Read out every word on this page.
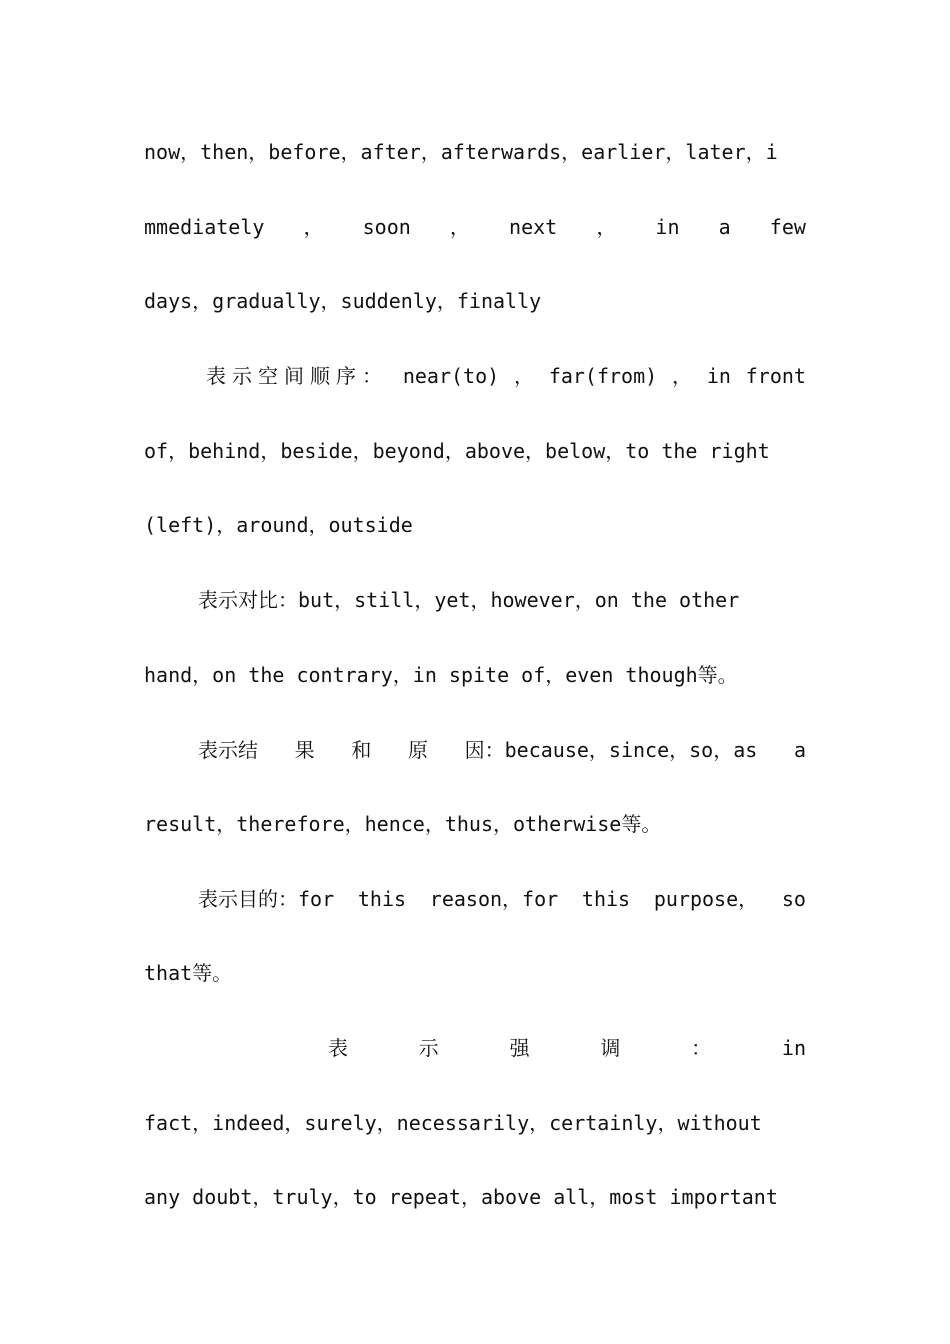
now，then，before，after，afterwards，earlier，later，i
mmediately ， soon ， next ， in a few
days，gradually，suddenly，finally
表示空间顺序： near(to) ， far(from) ， in front
of，behind，beside，beyond，above，below，to the right
(left)，around，outside
表示对比：but，still，yet，however，on the other
hand，on the contrary，in spite of，even though等。
表示结 果 和 原 因：because，since，so，as a
result，therefore，hence，thus，otherwise等。
表示目的：for this reason，for this purpose， so
that等。
表	示	强	调	：	in
fact，indeed，surely，necessarily，certainly，without
any doubt，truly，to repeat，above all，most important
